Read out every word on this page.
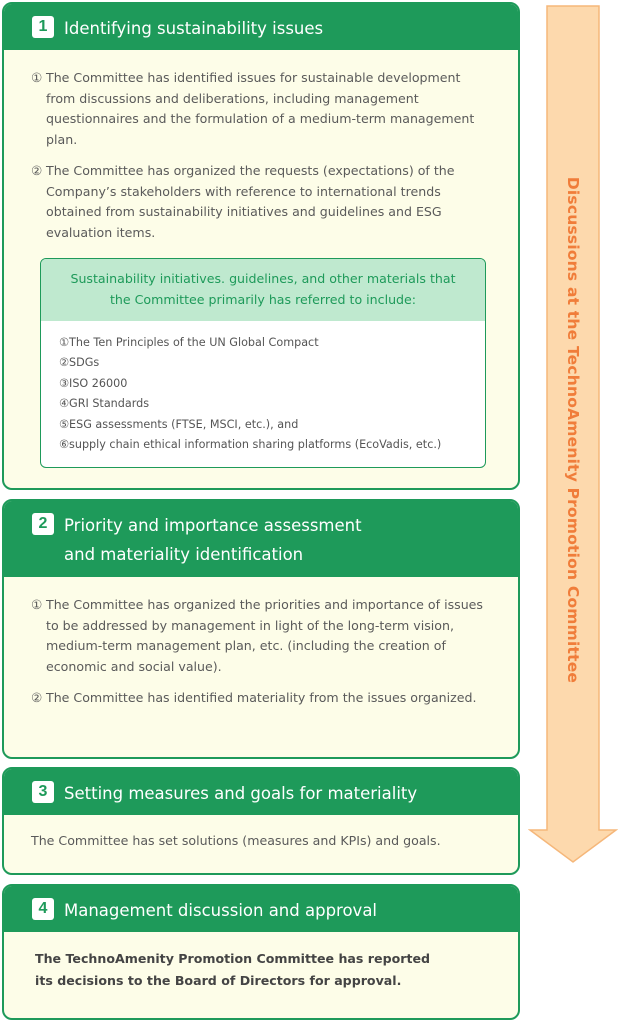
Discussions at the TechnoAmenity Promotion Committee
1	Identifying sustainability issues
① The Committee has identified issues for sustainable development from discussions and deliberations, including management questionnaires and the formulation of a medium-term management plan.
② The Committee has organized the requests (expectations) of the Company’s stakeholders with reference to international trends obtained from sustainability initiatives and guidelines and ESG evaluation items.
Sustainability initiatives. guidelines, and other materials that the Committee primarily has referred to include:
①The Ten Principles of the UN Global Compact
②SDGs
③ISO 26000
④GRI Standards
⑤ESG assessments (FTSE, MSCI, etc.), and
⑥supply chain ethical information sharing platforms (EcoVadis, etc.)
2	Priority and importance assessment and materiality identification
① The Committee has organized the priorities and importance of issues to be addressed by management in light of the long-term vision, medium-term management plan, etc. (including the creation of economic and social value).
② The Committee has identified materiality from the issues organized.
3	Setting measures and goals for materiality
The Committee has set solutions (measures and KPIs) and goals.
4	Management discussion and approval
The TechnoAmenity Promotion Committee has reported its decisions to the Board of Directors for approval.
